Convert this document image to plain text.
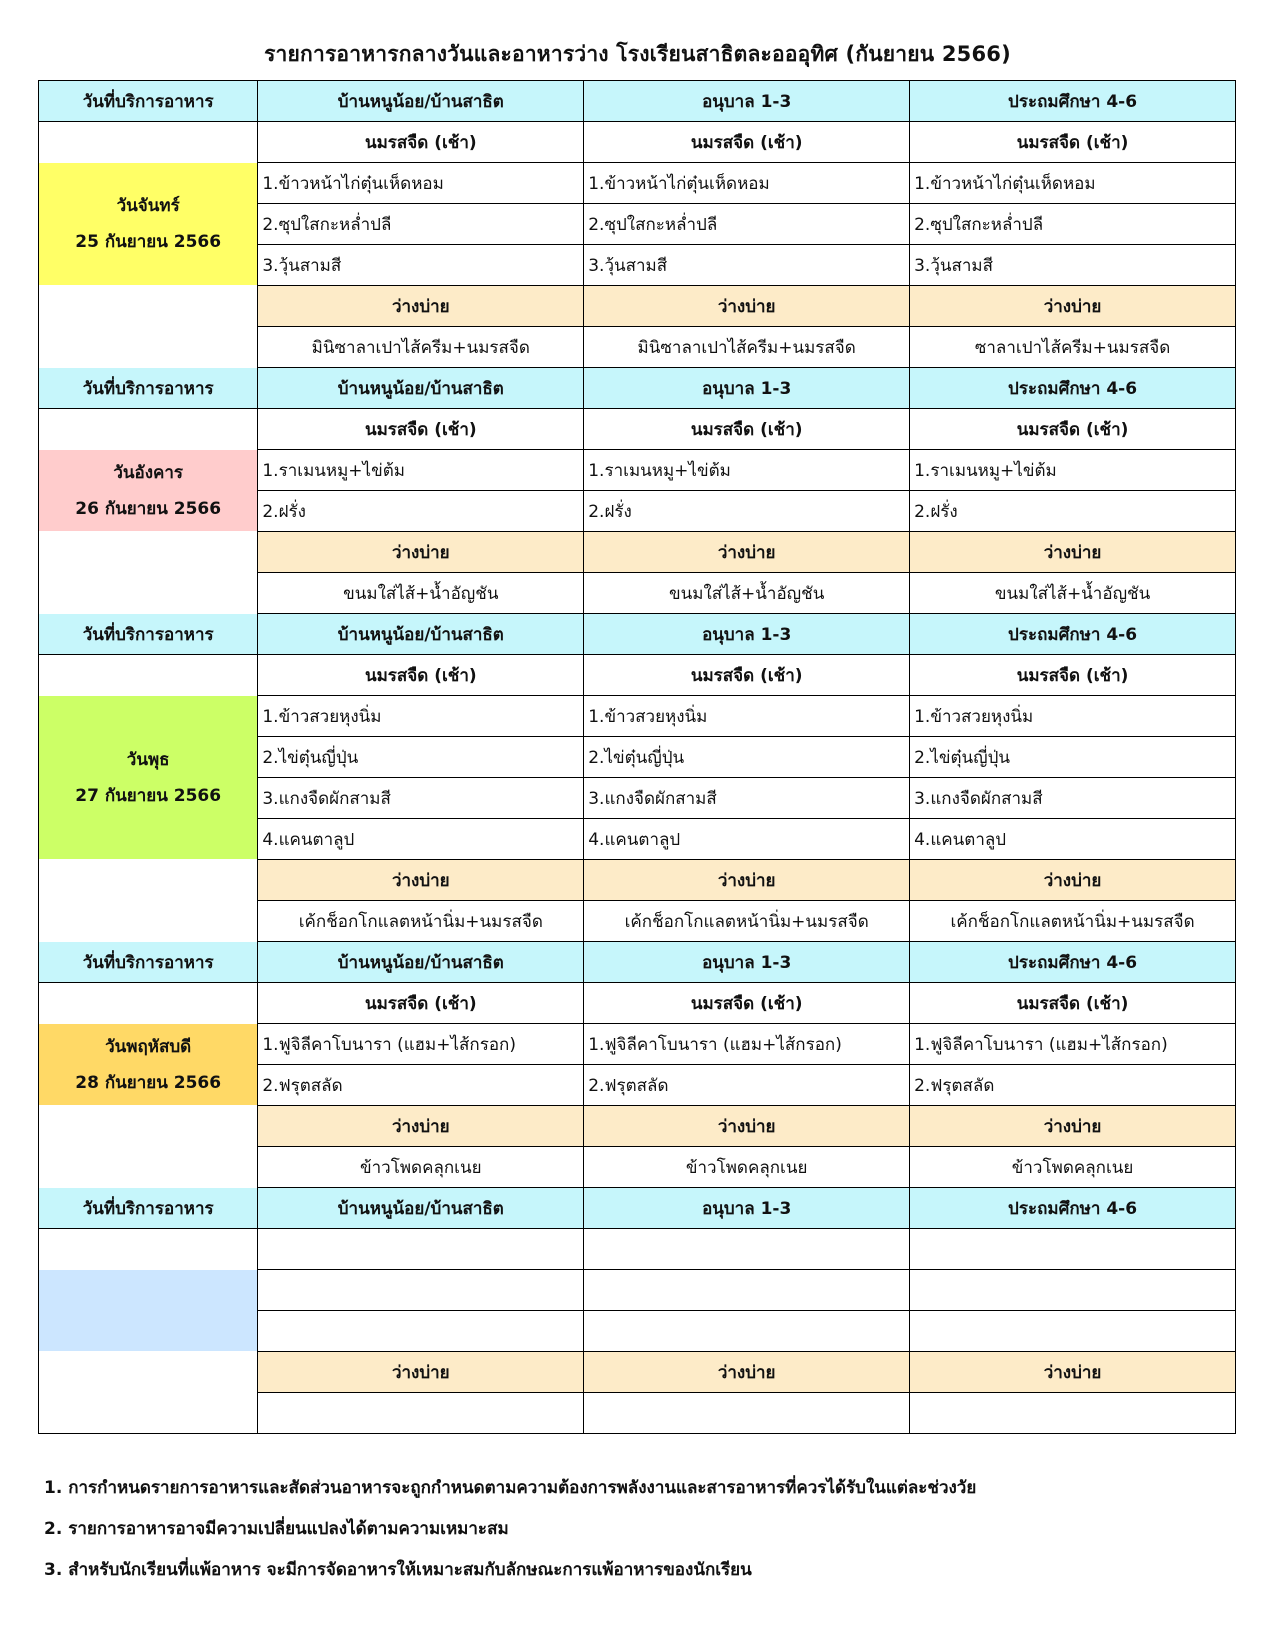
รายการอาหารกลางวันและอาหารว่าง โรงเรียนสาธิตละอออุทิศ (กันยายน 2566)
วันที่บริการอาหาร	บ้านหนูน้อย/บ้านสาธิต	อนุบาล 1-3	ประถมศึกษา 4-6
	นมรสจืด (เช้า)	นมรสจืด (เช้า)	นมรสจืด (เช้า)

วันจันทร์
25 กันยายน 2566	1.ข้าวหน้าไก่ตุ๋นเห็ดหอม	1.ข้าวหน้าไก่ตุ๋นเห็ดหอม	1.ข้าวหน้าไก่ตุ๋นเห็ดหอม
	2.ซุปใสกะหล่ำปลี	2.ซุปใสกะหล่ำปลี	2.ซุปใสกะหล่ำปลี
	3.วุ้นสามสี	3.วุ้นสามสี	3.วุ้นสามสี
	ว่างบ่าย	ว่างบ่าย	ว่างบ่าย
	มินิซาลาเปาไส้ครีม+นมรสจืด	มินิซาลาเปาไส้ครีม+นมรสจืด	ซาลาเปาไส้ครีม+นมรสจืด
วันที่บริการอาหาร	บ้านหนูน้อย/บ้านสาธิต	อนุบาล 1-3	ประถมศึกษา 4-6
	นมรสจืด (เช้า)	นมรสจืด (เช้า)	นมรสจืด (เช้า)

วันอังคาร
26 กันยายน 2566	1.ราเมนหมู+ไข่ต้ม	1.ราเมนหมู+ไข่ต้ม	1.ราเมนหมู+ไข่ต้ม
	2.ฝรั่ง	2.ฝรั่ง	2.ฝรั่ง
	ว่างบ่าย	ว่างบ่าย	ว่างบ่าย
	ขนมใส่ไส้+น้ำอัญชัน	ขนมใส่ไส้+น้ำอัญชัน	ขนมใส่ไส้+น้ำอัญชัน
วันที่บริการอาหาร	บ้านหนูน้อย/บ้านสาธิต	อนุบาล 1-3	ประถมศึกษา 4-6
	นมรสจืด (เช้า)	นมรสจืด (เช้า)	นมรสจืด (เช้า)

วันพุธ
27 กันยายน 2566	1.ข้าวสวยหุงนิ่ม	1.ข้าวสวยหุงนิ่ม	1.ข้าวสวยหุงนิ่ม
	2.ไข่ตุ๋นญี่ปุ่น	2.ไข่ตุ๋นญี่ปุ่น	2.ไข่ตุ๋นญี่ปุ่น
	3.แกงจืดผักสามสี	3.แกงจืดผักสามสี	3.แกงจืดผักสามสี
	4.แคนตาลูป	4.แคนตาลูป	4.แคนตาลูป
	ว่างบ่าย	ว่างบ่าย	ว่างบ่าย
	เค้กช็อกโกแลตหน้านิ่ม+นมรสจืด	เค้กช็อกโกแลตหน้านิ่ม+นมรสจืด	เค้กช็อกโกแลตหน้านิ่ม+นมรสจืด
วันที่บริการอาหาร	บ้านหนูน้อย/บ้านสาธิต	อนุบาล 1-3	ประถมศึกษา 4-6
	นมรสจืด (เช้า)	นมรสจืด (เช้า)	นมรสจืด (เช้า)

วันพฤหัสบดี
28 กันยายน 2566	1.ฟูจิลีคาโบนารา (แฮม+ไส้กรอก)	1.ฟูจิลีคาโบนารา (แฮม+ไส้กรอก)	1.ฟูจิลีคาโบนารา (แฮม+ไส้กรอก)
	2.ฟรุตสลัด	2.ฟรุตสลัด	2.ฟรุตสลัด
	ว่างบ่าย	ว่างบ่าย	ว่างบ่าย
	ข้าวโพดคลุกเนย	ข้าวโพดคลุกเนย	ข้าวโพดคลุกเนย
วันที่บริการอาหาร	บ้านหนูน้อย/บ้านสาธิต	อนุบาล 1-3	ประถมศึกษา 4-6

	ว่างบ่าย	ว่างบ่าย	ว่างบ่าย

1. การกำหนดรายการอาหารและสัดส่วนอาหารจะถูกกำหนดตามความต้องการพลังงานและสารอาหารที่ควรได้รับในแต่ละช่วงวัย
2. รายการอาหารอาจมีความเปลี่ยนแปลงได้ตามความเหมาะสม
3. สำหรับนักเรียนที่แพ้อาหาร จะมีการจัดอาหารให้เหมาะสมกับลักษณะการแพ้อาหารของนักเรียน
